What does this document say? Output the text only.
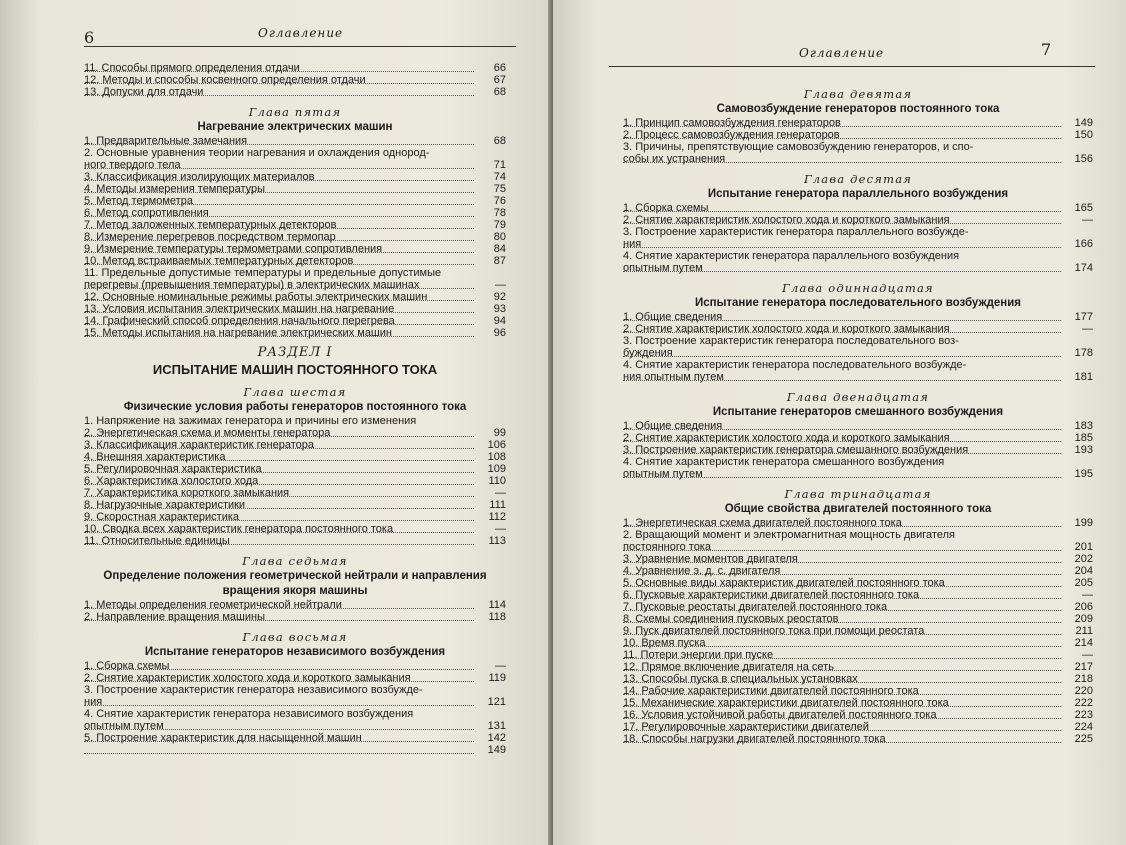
6	Оглавление
11. Способы прямого определения отдачи	66
12. Методы и способы косвенного определения отдачи	67
13. Допуски для отдачи	68
Глава пятая
Нагревание электрических машин
1. Предварительные замечания	68
2. Основные уравнения теории нагревания и охлаждения однород-
ного твердого тела	71
3. Классификация изолирующих материалов	74
4. Методы измерения температуры	75
5. Метод термометра	76
6. Метод сопротивления	78
7. Метод заложенных температурных детекторов	79
8. Измерение перегревов посредством термопар	80
9. Измерение температуры термометрами сопротивления	84
10. Метод встраиваемых температурных детекторов	87
11. Предельные допустимые температуры и предельные допустимые
перегревы (превышения температуры) в электрических машинах	—
12. Основные номинальные режимы работы электрических машин	92
13. Условия испытания электрических машин на нагревание	93
14. Графический способ определения начального перегрева	94
15. Методы испытания на нагревание электрических машин	96
РАЗДЕЛ I
ИСПЫТАНИЕ МАШИН ПОСТОЯННОГО ТОКА
Глава шестая
Физические условия работы генераторов постоянного тока
1. Напряжение на зажимах генератора и причины его изменения
2. Энергетическая схема и моменты генератора	99
3. Классификация характеристик генератора	106
4. Внешняя характеристика	108
5. Регулировочная характеристика	109
6. Характеристика холостого хода	110
7. Характеристика короткого замыкания	—
8. Нагрузочные характеристики	111
9. Скоростная характеристика	112
10. Сводка всех характеристик генератора постоянного тока	—
11. Относительные единицы	113
Глава седьмая
Определение положения геометрической нейтрали и направления
вращения якоря машины
1. Методы определения геометрической нейтрали	114
2. Направление вращения машины	118
Глава восьмая
Испытание генераторов независимого возбуждения
1. Сборка схемы	—
2. Снятие характеристик холостого хода и короткого замыкания	119
3. Построение характеристик генератора независимого возбужде-
ния	121
4. Снятие характеристик генератора независимого возбуждения
опытным путем	131
5. Построение характеристик для насыщенной машин	142
149
Оглавление	7
Глава девятая
Самовозбуждение генераторов постоянного тока
1. Принцип самовозбуждения генераторов	149
2. Процесс самовозбуждения генераторов	150
3. Причины, препятствующие самовозбуждению генераторов, и спо-
собы их устранения	156
Глава десятая
Испытание генератора параллельного возбуждения
1. Сборка схемы	165
2. Снятие характеристик холостого хода и короткого замыкания	—
3. Построение характеристик генератора параллельного возбужде-
ния	166
4. Снятие характеристик генератора параллельного возбуждения
опытным путем	174
Глава одиннадцатая
Испытание генератора последовательного возбуждения
1. Общие сведения	177
2. Снятие характеристик холостого хода и короткого замыкания	—
3. Построение характеристик генератора последовательного воз-
буждения	178
4. Снятие характеристик генератора последовательного возбужде-
ния опытным путем	181
Глава двенадцатая
Испытание генераторов смешанного возбуждения
1. Общие сведения	183
2. Снятие характеристик холостого хода и короткого замыкания	185
3. Построение характеристик генератора смешанного возбуждения	193
4. Снятие характеристик генератора смешанного возбуждения
опытным путем	195
Глава тринадцатая
Общие свойства двигателей постоянного тока
1. Энергетическая схема двигателей постоянного тока	199
2. Вращающий момент и электромагнитная мощность двигателя
постоянного тока	201
3. Уравнение моментов двигателя	202
4. Уравнение э. д. с. двигателя	204
5. Основные виды характеристик двигателей постоянного тока	205
6. Пусковые характеристики двигателей постоянного тока	—
7. Пусковые реостаты двигателей постоянного тока	206
8. Схемы соединения пусковых реостатов	209
9. Пуск двигателей постоянного тока при помощи реостата	211
10. Время пуска	214
11. Потери энергии при пуске	—
12. Прямое включение двигателя на сеть	217
13. Способы пуска в специальных установках	218
14. Рабочие характеристики двигателей постоянного тока	220
15. Механические характеристики двигателей постоянного тока	222
16. Условия устойчивой работы двигателей постоянного тока	223
17. Регулировочные характеристики двигателей	224
18. Способы нагрузки двигателей постоянного тока	225
